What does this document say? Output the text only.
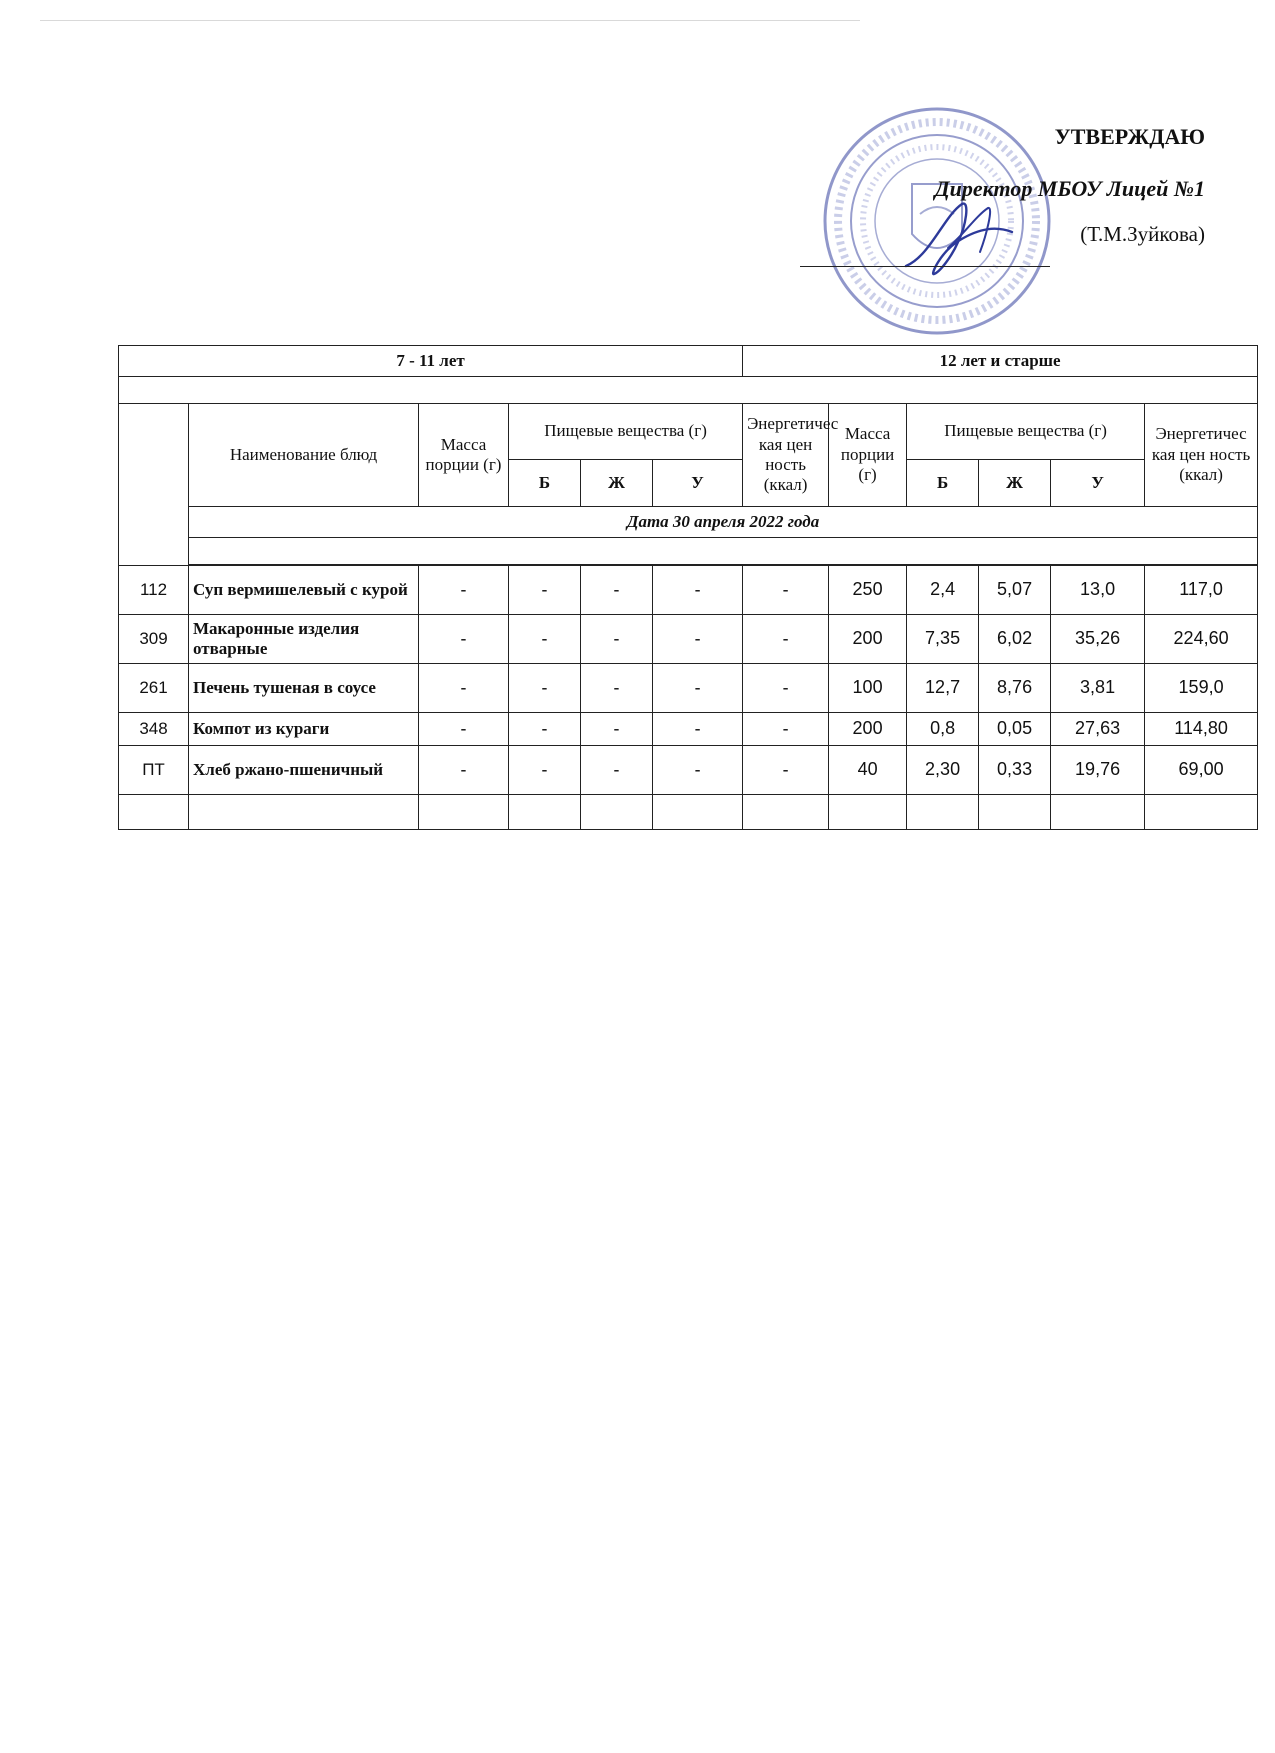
УТВЕРЖДАЮ
Директор МБОУ Лицей №1
(Т.М.Зуйкова)
7 - 11 лет						12 лет и старше					

	Наименование блюд	Масса порции (г)	Пищевые вещества (г)			Энергетичес кая цен ность (ккал)	Масса порции (г)	Пищевые вещества (г)			Энергетичес кая цен ность (ккал)
			Б	Ж	У			Б	Ж	У	
	Дата 30 апреля 2022 года										

112	Суп вермишелевый с курой	-	-	-	-	-	250	2,4	5,07	13,0	117,0
309	Макаронные изделия отварные	-	-	-	-	-	200	7,35	6,02	35,26	224,60
261	Печень тушеная в соусе	-	-	-	-	-	100	12,7	8,76	3,81	159,0
348	Компот из кураги	-	-	-	-	-	200	0,8	0,05	27,63	114,80
ПТ	Хлеб ржано-пшеничный	-	-	-	-	-	40	2,30	0,33	19,76	69,00
